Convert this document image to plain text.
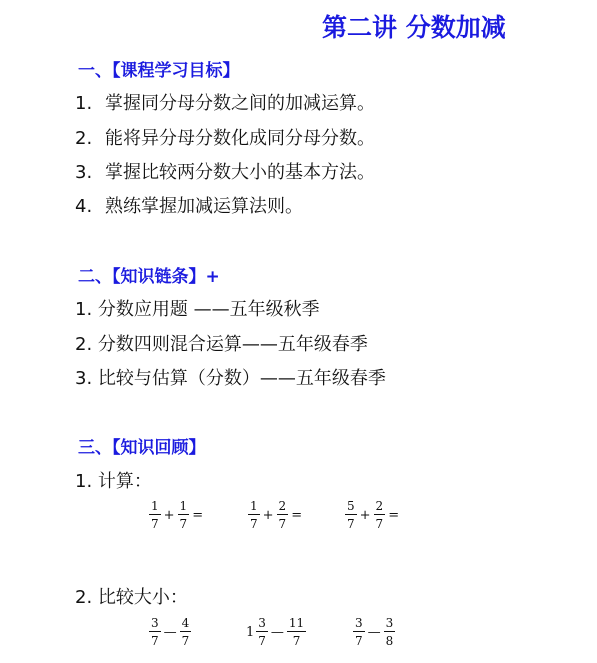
第二讲 分数加减
一、【课程学习目标】
1. 掌握同分母分数之间的加减运算。
2. 能将异分母分数化成同分母分数。
3. 掌握比较两分数大小的基本方法。
4. 熟练掌握加减运算法则。
二、【知识链条】+
1. 分数应用题 ——五年级秋季
2. 分数四则混合运算——五年级春季
3. 比较与估算（分数）——五年级春季
三、【知识回顾】
1. 计算：
$\frac{1}{7} + \frac{1}{7}$ =	$\frac{1}{7} + \frac{2}{7}$ =	$\frac{5}{7} + \frac{2}{7}$ =
2. 比较大小：
$\frac{3}{7}$ — $\frac{4}{7}$	$1 \frac{3}{7}$ — $\frac{11}{7}$	$\frac{3}{7}$ — $\frac{3}{8}$
